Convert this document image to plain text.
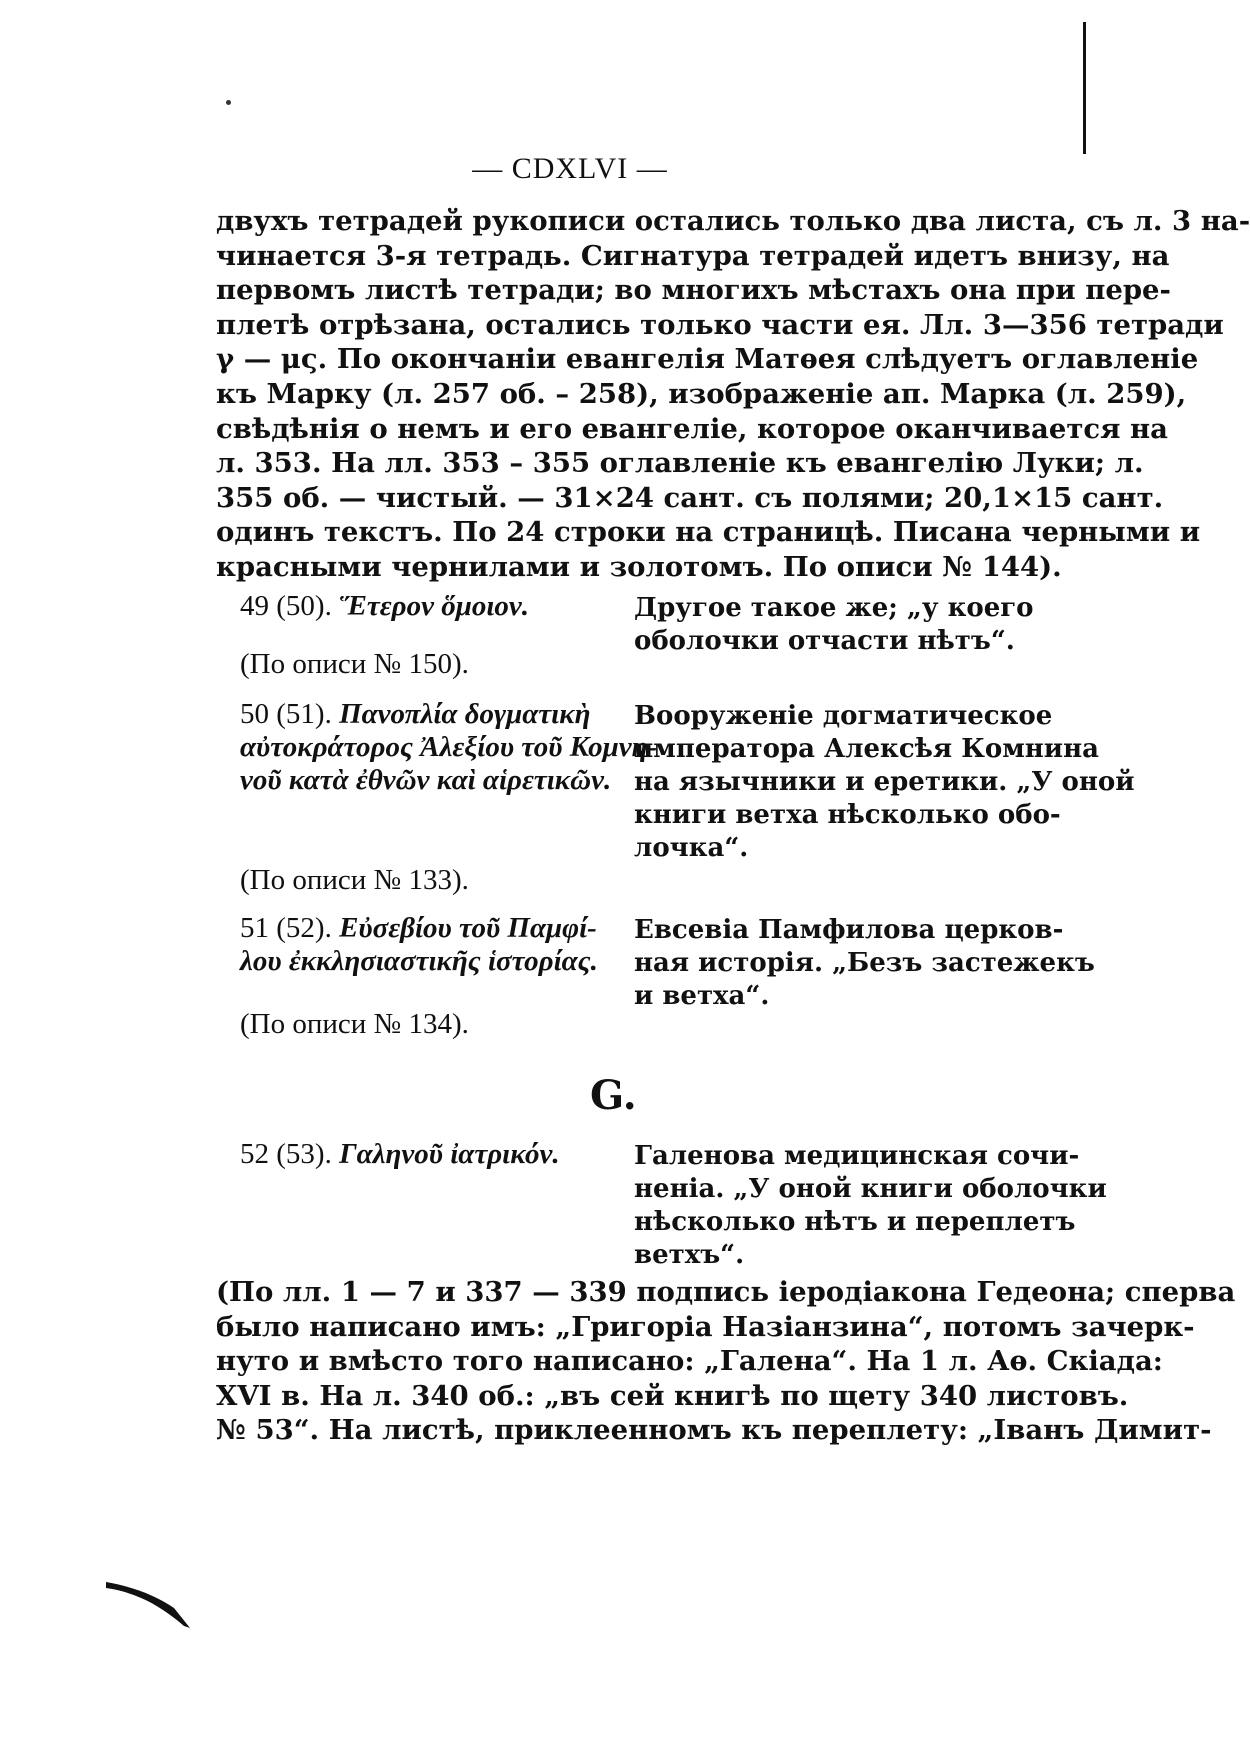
— CDXLVI —
двухъ тетрадей рукописи остались только два листа, съ л. 3 на-
чинается 3-я тетрадь. Сигнатура тетрадей идетъ внизу, на
первомъ листѣ тетради; во многихъ мѣстахъ она при пере-
плетѣ отрѣзана, остались только части ея. Лл. 3—356 тетради
γ — μς. По окончаніи евангелія Матѳея слѣдуетъ оглавленіе
къ Марку (л. 257 об. – 258), изображеніе ап. Марка (л. 259),
свѣдѣнія о немъ и его евангеліе, которое оканчивается на
л. 353. На лл. 353 – 355 оглавленіе къ евангелію Луки; л.
355 об. — чистый. — 31×24 сант. съ полями; 20,1×15 сант.
одинъ текстъ. По 24 строки на страницѣ. Писана черными и
красными чернилами и золотомъ. По описи № 144).
49 (50). Ἕτερον ὅμοιον.	Другое такое же; „у коего
оболочки отчасти нѣтъ“.
(По описи № 150).
50 (51). Πανοπλία δογματικὴ
αὐτοκράτορος Ἀλεξίου τοῦ Κομνη-
νοῦ κατὰ ἐθνῶν καὶ αἱρετικῶν.
Вооруженіе догматическое
императора Алексѣя Комнина
на язычники и еретики. „У оной
книги ветха нѣсколько обо-
лочка“.
(По описи № 133).
51 (52). Εὐσεβίου τοῦ Παμφί-
λου ἐκκλησιαστικῆς ἱστορίας.
Евсевіа Памфилова церков-
ная исторія. „Безъ застежекъ
и ветха“.
(По описи № 134).
G.
52 (53). Γαληνοῦ ἰατρικόν.	Галенова медицинская сочи-
неніа. „У оной книги оболочки
нѣсколько нѣтъ и переплетъ
ветхъ“.
(По лл. 1 — 7 и 337 — 339 подпись іеродіакона Гедеона; сперва
было написано имъ: „Григоріа Назіанзина“, потомъ зачерк-
нуто и вмѣсто того написано: „Галена“. На 1 л. Аѳ. Скіада:
XVI в. На л. 340 об.: „въ сей книгѣ по щету 340 листовъ.
№ 53“. На листѣ, приклеенномъ къ переплету: „Іванъ Димит-
